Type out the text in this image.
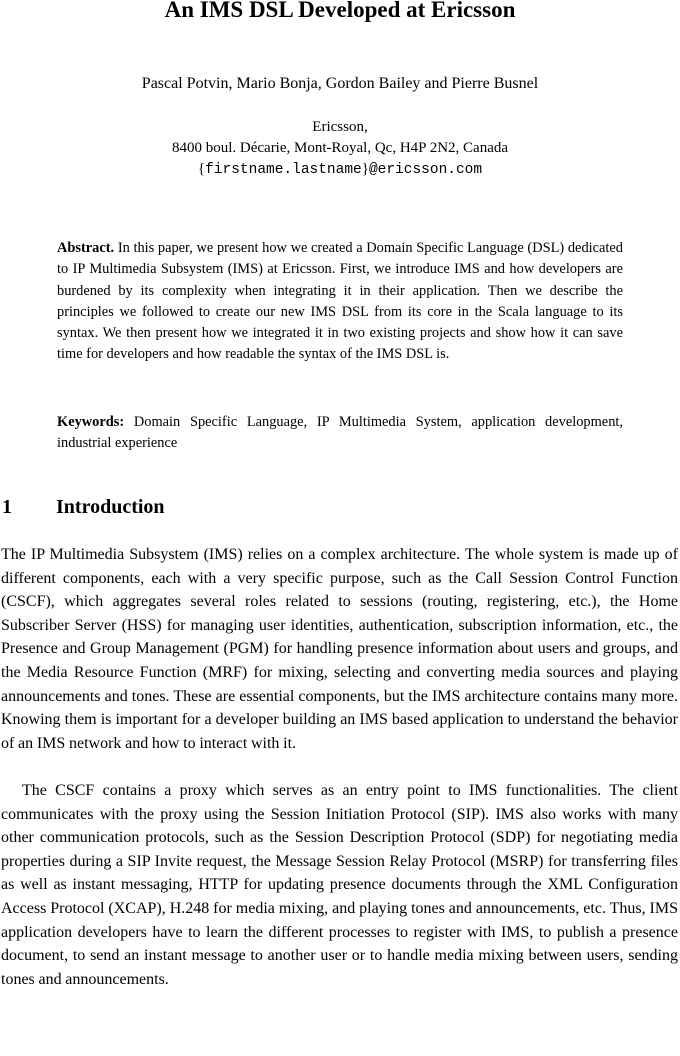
An IMS DSL Developed at Ericsson
Pascal Potvin, Mario Bonja, Gordon Bailey and Pierre Busnel
Ericsson,
8400 boul. Décarie, Mont-Royal, Qc, H4P 2N2, Canada
{firstname.lastname}@ericsson.com

Abstract. In this paper, we present how we created a Domain Specific Language (DSL) dedicated to IP Multimedia Subsystem (IMS) at Ericsson. First, we introduce IMS and how developers are burdened by its complexity when integrating it in their application. Then we describe the principles we followed to create our new IMS DSL from its core in the Scala language to its syntax. We then present how we integrated it in two existing projects and show how it can save time for developers and how readable the syntax of the IMS DSL is.

Keywords: Domain Specific Language, IP Multimedia System, application development, industrial experience

1 Introduction

The IP Multimedia Subsystem (IMS) relies on a complex architecture. The whole system is made up of different components, each with a very specific purpose, such as the Call Session Control Function (CSCF), which aggregates several roles related to sessions (routing, registering, etc.), the Home Subscriber Server (HSS) for managing user identities, authentication, subscription information, etc., the Presence and Group Management (PGM) for handling presence information about users and groups, and the Media Resource Function (MRF) for mixing, selecting and converting media sources and playing announcements and tones. These are essential components, but the IMS architecture contains many more. Knowing them is important for a developer building an IMS based application to understand the behavior of an IMS network and how to interact with it.

The CSCF contains a proxy which serves as an entry point to IMS functionalities. The client communicates with the proxy using the Session Initiation Protocol (SIP). IMS also works with many other communication protocols, such as the Session Description Protocol (SDP) for negotiating media properties during a SIP Invite request, the Message Session Relay Protocol (MSRP) for transferring files as well as instant messaging, HTTP for updating presence documents through the XML Configuration Access Protocol (XCAP), H.248 for media mixing, and playing tones and announcements, etc. Thus, IMS application developers have to learn the different processes to register with IMS, to publish a presence document, to send an instant message to another user or to handle media mixing between users, sending tones and announcements.
